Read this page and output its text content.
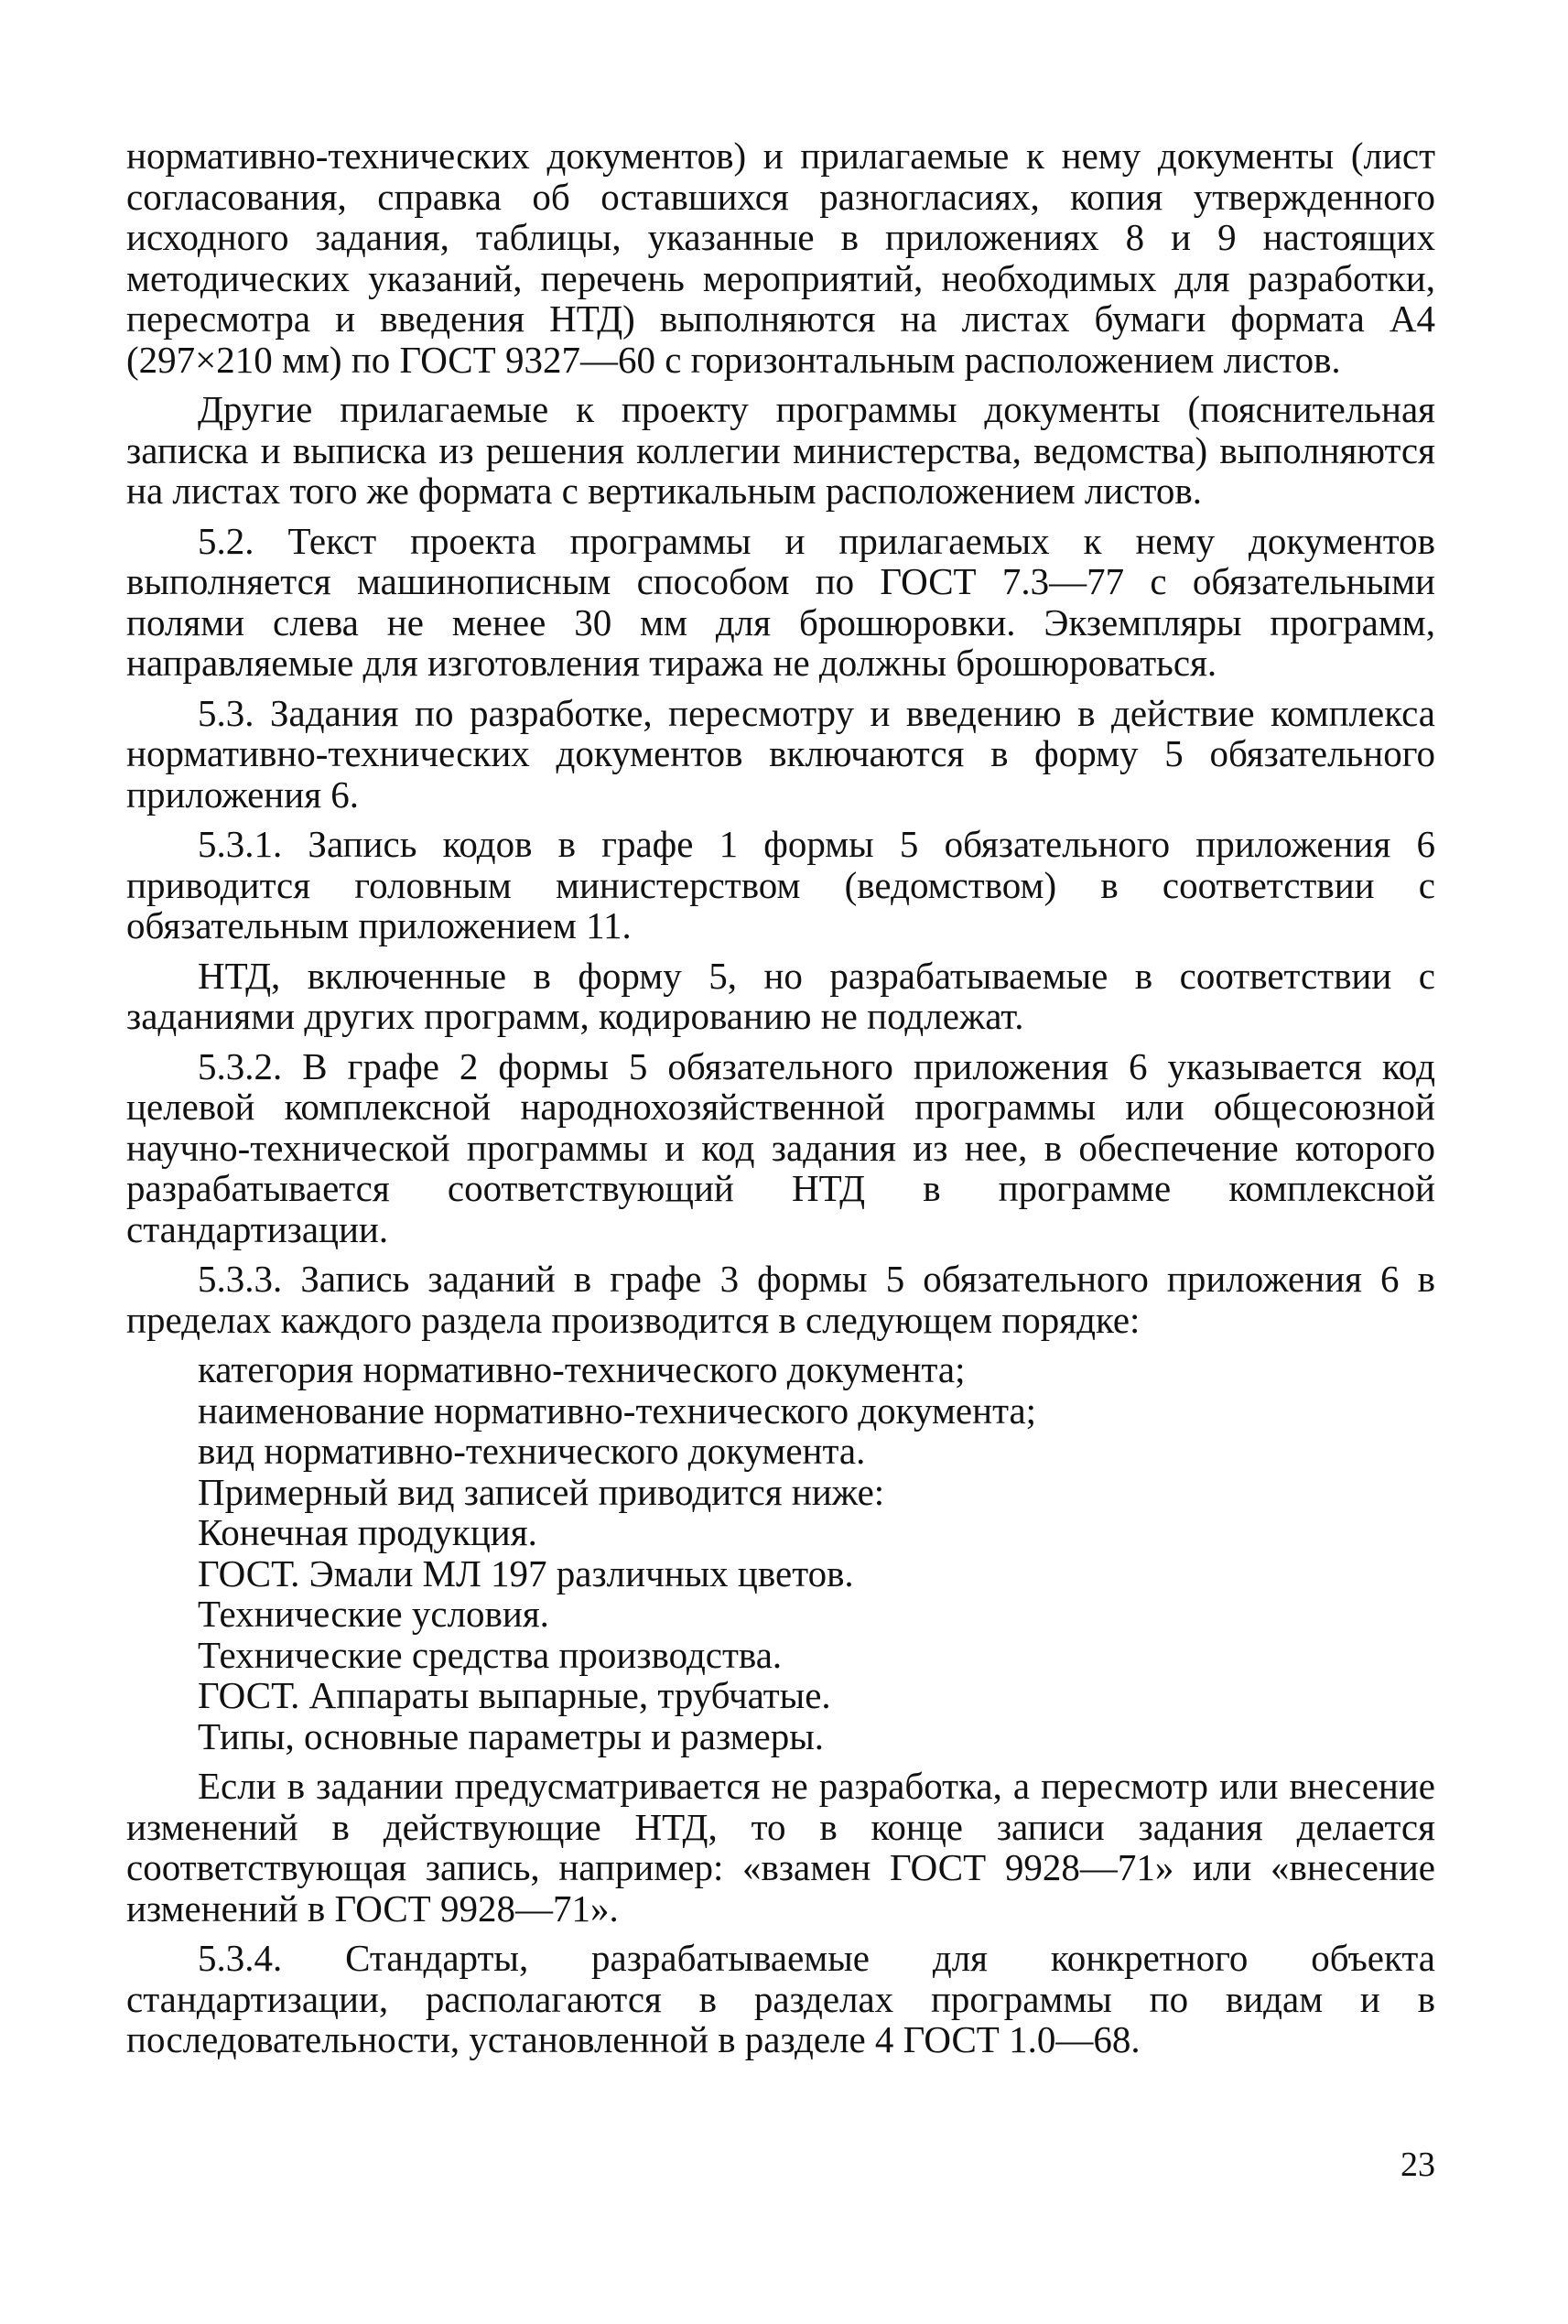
нормативно-технических документов) и прилагаемые к нему документы (лист согласования, справка об оставшихся разногласиях, копия утвержденного исходного задания, таблицы, указанные в приложениях 8 и 9 настоящих методических указаний, перечень мероприятий, необходимых для разработки, пересмотра и введения НТД) выполняются на листах бумаги формата А4 (297×210 мм) по ГОСТ 9327—60 с горизонтальным расположением листов.

Другие прилагаемые к проекту программы документы (пояснительная записка и выписка из решения коллегии министерства, ведомства) выполняются на листах того же формата с вертикальным расположением листов.

5.2. Текст проекта программы и прилагаемых к нему документов выполняется машинописным способом по ГОСТ 7.3—77 с обязательными полями слева не менее 30 мм для брошюровки. Экземпляры программ, направляемые для изготовления тиража не должны брошюроваться.

5.3. Задания по разработке, пересмотру и введению в действие комплекса нормативно-технических документов включаются в форму 5 обязательного приложения 6.

5.3.1. Запись кодов в графе 1 формы 5 обязательного приложения 6 приводится головным министерством (ведомством) в соответствии с обязательным приложением 11.

НТД, включенные в форму 5, но разрабатываемые в соответствии с заданиями других программ, кодированию не подлежат.

5.3.2. В графе 2 формы 5 обязательного приложения 6 указывается код целевой комплексной народнохозяйственной программы или общесоюзной научно-технической программы и код задания из нее, в обеспечение которого разрабатывается соответствующий НТД в программе комплексной стандартизации.

5.3.3. Запись заданий в графе 3 формы 5 обязательного приложения 6 в пределах каждого раздела производится в следующем порядке:

категория нормативно-технического документа;
наименование нормативно-технического документа;
вид нормативно-технического документа.
Примерный вид записей приводится ниже:
Конечная продукция.
ГОСТ. Эмали МЛ 197 различных цветов.
Технические условия.
Технические средства производства.
ГОСТ. Аппараты выпарные, трубчатые.
Типы, основные параметры и размеры.

Если в задании предусматривается не разработка, а пересмотр или внесение изменений в действующие НТД, то в конце записи задания делается соответствующая запись, например: «взамен ГОСТ 9928—71» или «внесение изменений в ГОСТ 9928—71».

5.3.4. Стандарты, разрабатываемые для конкретного объекта стандартизации, располагаются в разделах программы по видам и в последовательности, установленной в разделе 4 ГОСТ 1.0—68.

23
